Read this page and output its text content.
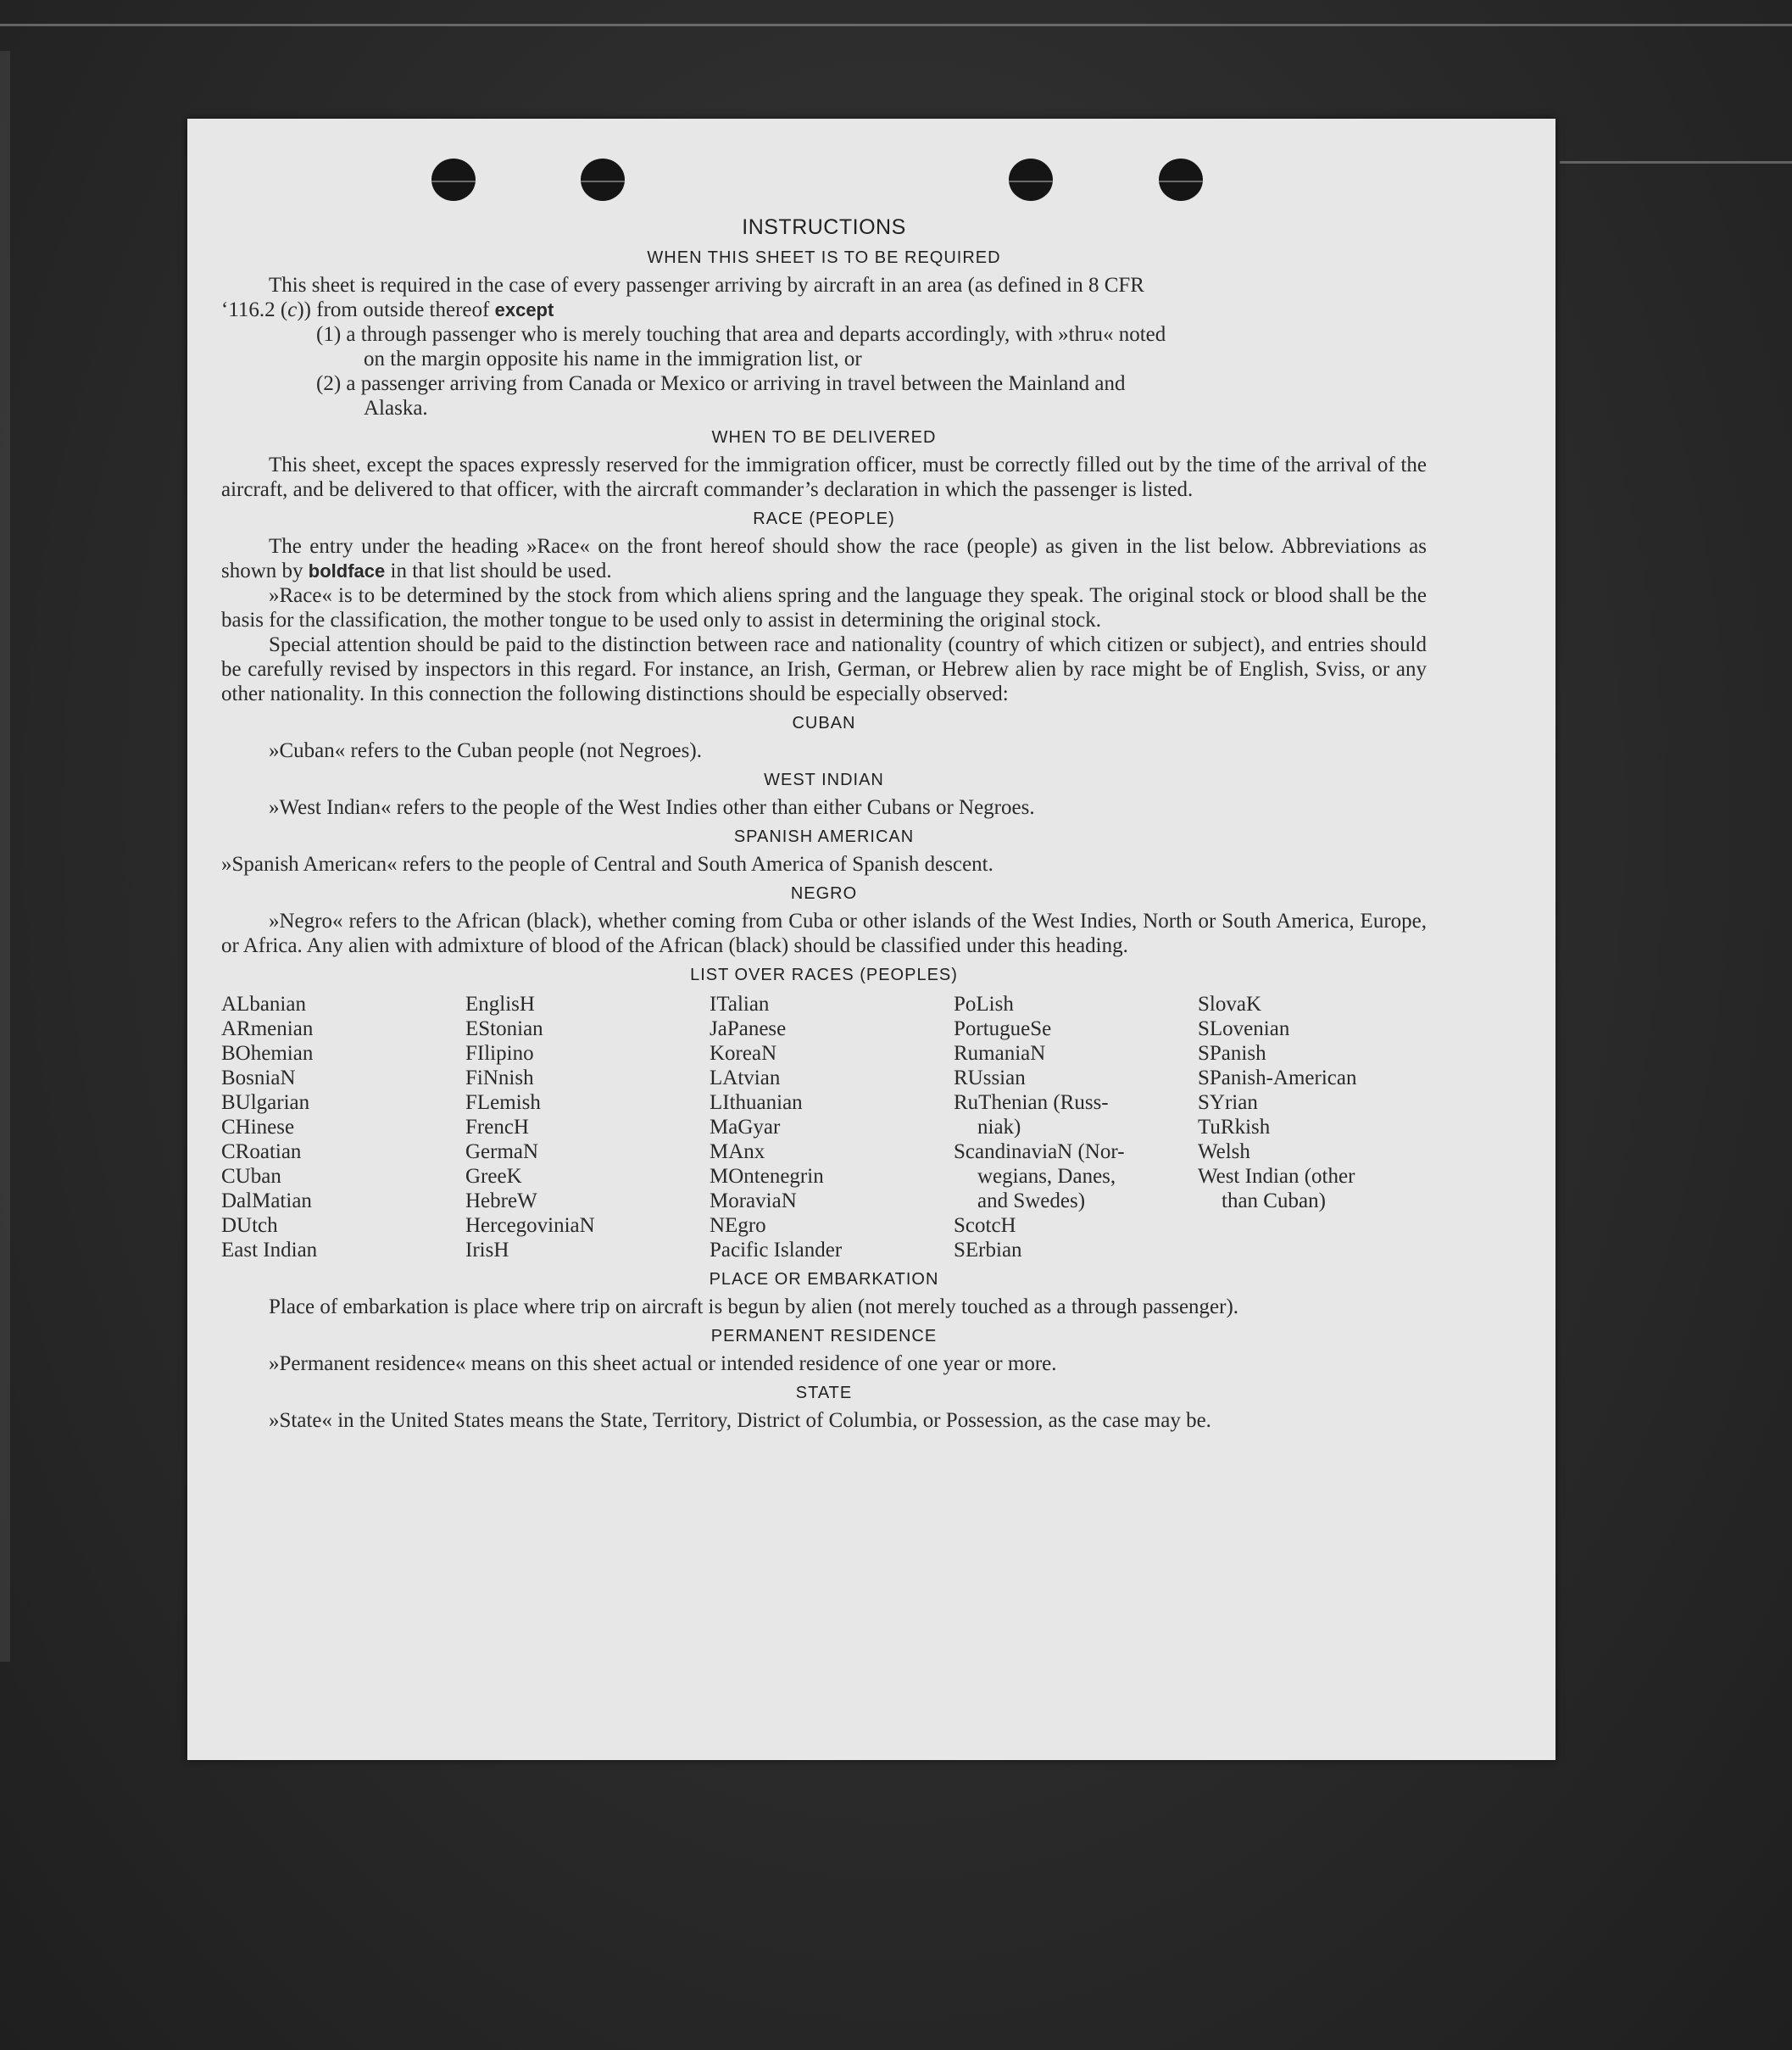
INSTRUCTIONS
WHEN THIS SHEET IS TO BE REQUIRED

This sheet is required in the case of every passenger arriving by aircraft in an area (as defined in 8 CFR

‘116.2 (c)) from outside thereof except

(1) a through passenger who is merely touching that area and departs accordingly, with »thru« noted
on the margin opposite his name in the immigration list, or

(2) a passenger arriving from Canada or Mexico or arriving in travel between the Mainland and
Alaska.

WHEN TO BE DELIVERED

This sheet, except the spaces expressly reserved for the immigration officer, must be correctly filled out by the time of the arrival of the aircraft, and be delivered to that officer, with the aircraft commander’s declaration in which the passenger is listed.

RACE (PEOPLE)

The entry under the heading »Race« on the front hereof should show the race (people) as given in the list below. Abbreviations as shown by boldface in that list should be used.

»Race« is to be determined by the stock from which aliens spring and the language they speak. The original stock or blood shall be the basis for the classification, the mother tongue to be used only to assist in determining the original stock.

Special attention should be paid to the distinction between race and nationality (country of which citizen or subject), and entries should be carefully revised by inspectors in this regard. For instance, an Irish, German, or Hebrew alien by race might be of English, Sviss, or any other nationality. In this connection the following distinctions should be especially observed:

CUBAN

»Cuban« refers to the Cuban people (not Negroes).

WEST INDIAN

»West Indian« refers to the people of the West Indies other than either Cubans or Negroes.

SPANISH AMERICAN

»Spanish American« refers to the people of Central and South America of Spanish descent.

NEGRO

»Negro« refers to the African (black), whether coming from Cuba or other islands of the West Indies, North or South America, Europe, or Africa. Any alien with admixture of blood of the African (black) should be classified under this heading.

LIST OVER RACES (PEOPLES)
ALbanian
ARmenian
BOhemian
BosniaN
BUlgarian
CHinese
CRoatian
CUban
DalMatian
DUtch
East Indian
EnglisH
EStonian
FIlipino
FiNnish
FLemish
FrencH
GermaN
GreeK
HebreW
HercegoviniaN
IrisH
ITalian
JaPanese
KoreaN
LAtvian
LIthuanian
MaGyar
MAnx
MOntenegrin
MoraviaN
NEgro
Pacific Islander
PoLish
PortugueSe
RumaniaN
RUssian
RuThenian (Russ-
niak)
ScandinaviaN (Nor-
wegians, Danes,
and Swedes)
ScotcH
SErbian
SlovaK
SLovenian
SPanish
SPanish-American
SYrian
TuRkish
Welsh
West Indian (other
than Cuban)
PLACE OR EMBARKATION

Place of embarkation is place where trip on aircraft is begun by alien (not merely touched as a through passenger).

PERMANENT RESIDENCE

»Permanent residence« means on this sheet actual or intended residence of one year or more.

STATE

»State« in the United States means the State, Territory, District of Columbia, or Possession, as the case may be.
